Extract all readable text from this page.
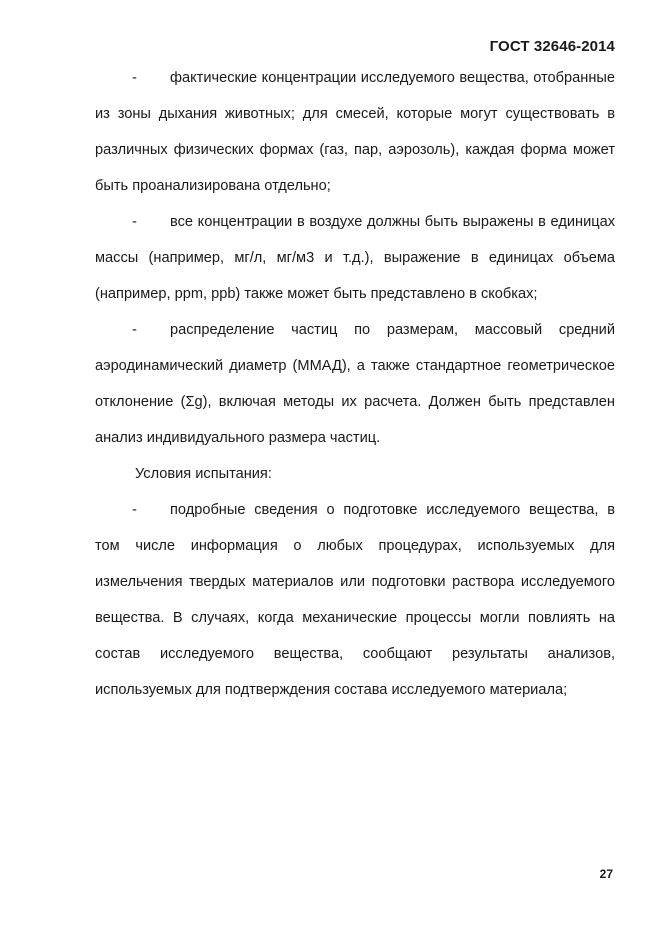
ГОСТ 32646-2014
- фактические концентрации исследуемого вещества, отобранные из зоны дыхания животных; для смесей, которые могут существовать в различных физических формах (газ, пар, аэрозоль), каждая форма может быть проанализирована отдельно;
- все концентрации в воздухе должны быть выражены в единицах массы (например, мг/л, мг/м3 и т.д.), выражение в единицах объема (например, ppm, ppb) также может быть представлено в скобках;
- распределение частиц по размерам, массовый средний аэродинамический диаметр (ММАД), а также стандартное геометрическое отклонение (Σg), включая методы их расчета. Должен быть представлен анализ индивидуального размера частиц.
Условия испытания:
- подробные сведения о подготовке исследуемого вещества, в том числе информация о любых процедурах, используемых для измельчения твердых материалов или подготовки раствора исследуемого вещества. В случаях, когда механические процессы могли повлиять на состав исследуемого вещества, сообщают результаты анализов, используемых для подтверждения состава исследуемого материала;
27
